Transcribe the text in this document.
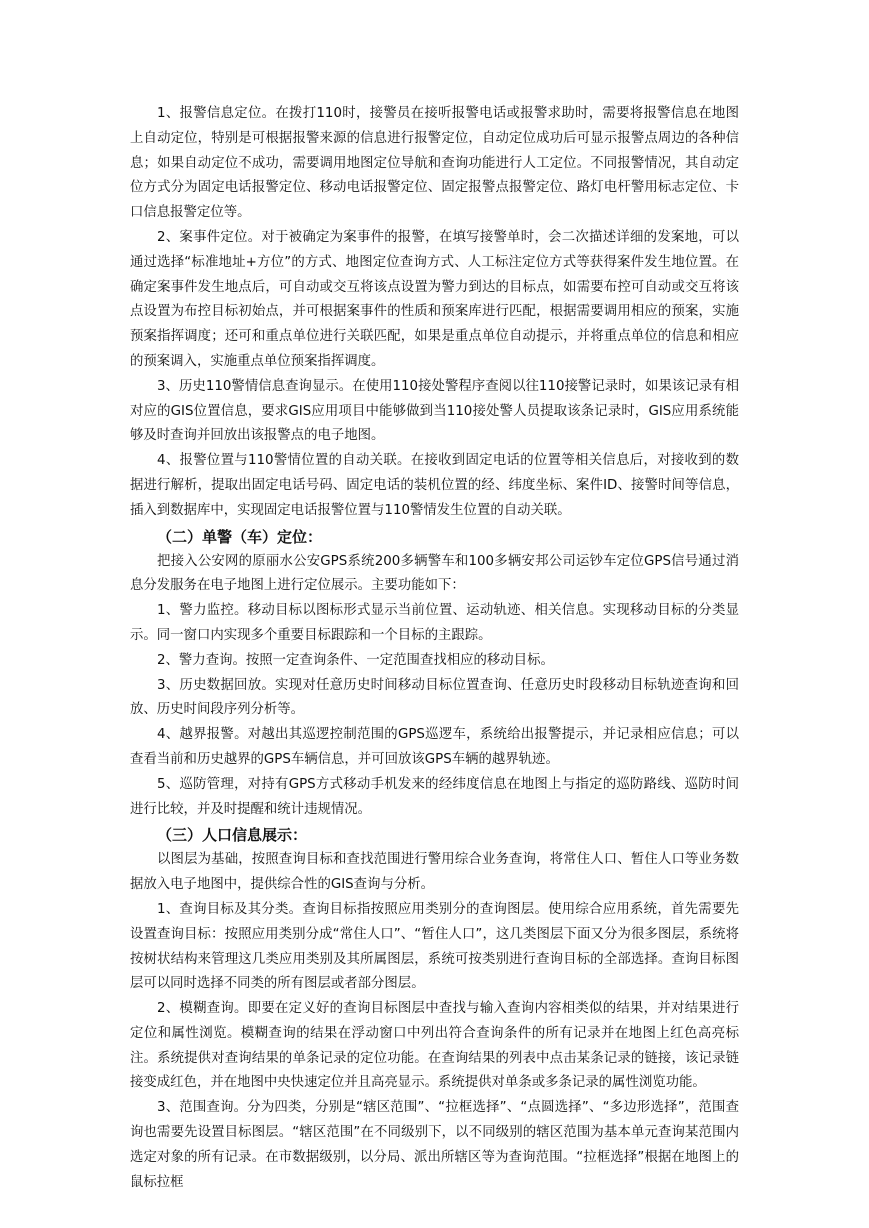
1、报警信息定位。在拨打110时，接警员在接听报警电话或报警求助时，需要将报警信息在地图上自动定位，特别是可根据报警来源的信息进行报警定位，自动定位成功后可显示报警点周边的各种信息；如果自动定位不成功，需要调用地图定位导航和查询功能进行人工定位。不同报警情况，其自动定位方式分为固定电话报警定位、移动电话报警定位、固定报警点报警定位、路灯电杆警用标志定位、卡口信息报警定位等。

2、案事件定位。对于被确定为案事件的报警，在填写接警单时，会二次描述详细的发案地，可以通过选择“标准地址+方位”的方式、地图定位查询方式、人工标注定位方式等获得案件发生地位置。在确定案事件发生地点后，可自动或交互将该点设置为警力到达的目标点，如需要布控可自动或交互将该点设置为布控目标初始点，并可根据案事件的性质和预案库进行匹配，根据需要调用相应的预案，实施预案指挥调度；还可和重点单位进行关联匹配，如果是重点单位自动提示，并将重点单位的信息和相应的预案调入，实施重点单位预案指挥调度。

3、历史110警情信息查询显示。在使用110接处警程序查阅以往110接警记录时，如果该记录有相对应的GIS位置信息，要求GIS应用项目中能够做到当110接处警人员提取该条记录时，GIS应用系统能够及时查询并回放出该报警点的电子地图。

4、报警位置与110警情位置的自动关联。在接收到固定电话的位置等相关信息后，对接收到的数据进行解析，提取出固定电话号码、固定电话的装机位置的经、纬度坐标、案件ID、接警时间等信息，插入到数据库中，实现固定电话报警位置与110警情发生位置的自动关联。

（二）单警（车）定位：

把接入公安网的原丽水公安GPS系统200多辆警车和100多辆安邦公司运钞车定位GPS信号通过消息分发服务在电子地图上进行定位展示。主要功能如下：

1、警力监控。移动目标以图标形式显示当前位置、运动轨迹、相关信息。实现移动目标的分类显示。同一窗口内实现多个重要目标跟踪和一个目标的主跟踪。

2、警力查询。按照一定查询条件、一定范围查找相应的移动目标。

3、历史数据回放。实现对任意历史时间移动目标位置查询、任意历史时段移动目标轨迹查询和回放、历史时间段序列分析等。

4、越界报警。对越出其巡逻控制范围的GPS巡逻车，系统给出报警提示，并记录相应信息；可以查看当前和历史越界的GPS车辆信息，并可回放该GPS车辆的越界轨迹。

5、巡防管理，对持有GPS方式移动手机发来的经纬度信息在地图上与指定的巡防路线、巡防时间进行比较，并及时提醒和统计违规情况。

（三）人口信息展示：

以图层为基础，按照查询目标和查找范围进行警用综合业务查询，将常住人口、暂住人口等业务数据放入电子地图中，提供综合性的GIS查询与分析。

1、查询目标及其分类。查询目标指按照应用类别分的查询图层。使用综合应用系统，首先需要先设置查询目标：按照应用类别分成“常住人口”、“暂住人口”，这几类图层下面又分为很多图层，系统将按树状结构来管理这几类应用类别及其所属图层，系统可按类别进行查询目标的全部选择。查询目标图层可以同时选择不同类的所有图层或者部分图层。

2、模糊查询。即要在定义好的查询目标图层中查找与输入查询内容相类似的结果，并对结果进行定位和属性浏览。模糊查询的结果在浮动窗口中列出符合查询条件的所有记录并在地图上红色高亮标注。系统提供对查询结果的单条记录的定位功能。在查询结果的列表中点击某条记录的链接，该记录链接变成红色，并在地图中央快速定位并且高亮显示。系统提供对单条或多条记录的属性浏览功能。

3、范围查询。分为四类，分别是“辖区范围”、“拉框选择”、“点圆选择”、“多边形选择”，范围查询也需要先设置目标图层。“辖区范围”在不同级别下，以不同级别的辖区范围为基本单元查询某范围内选定对象的所有记录。在市数据级别，以分局、派出所辖区等为查询范围。“拉框选择”根据在地图上的鼠标拉框
